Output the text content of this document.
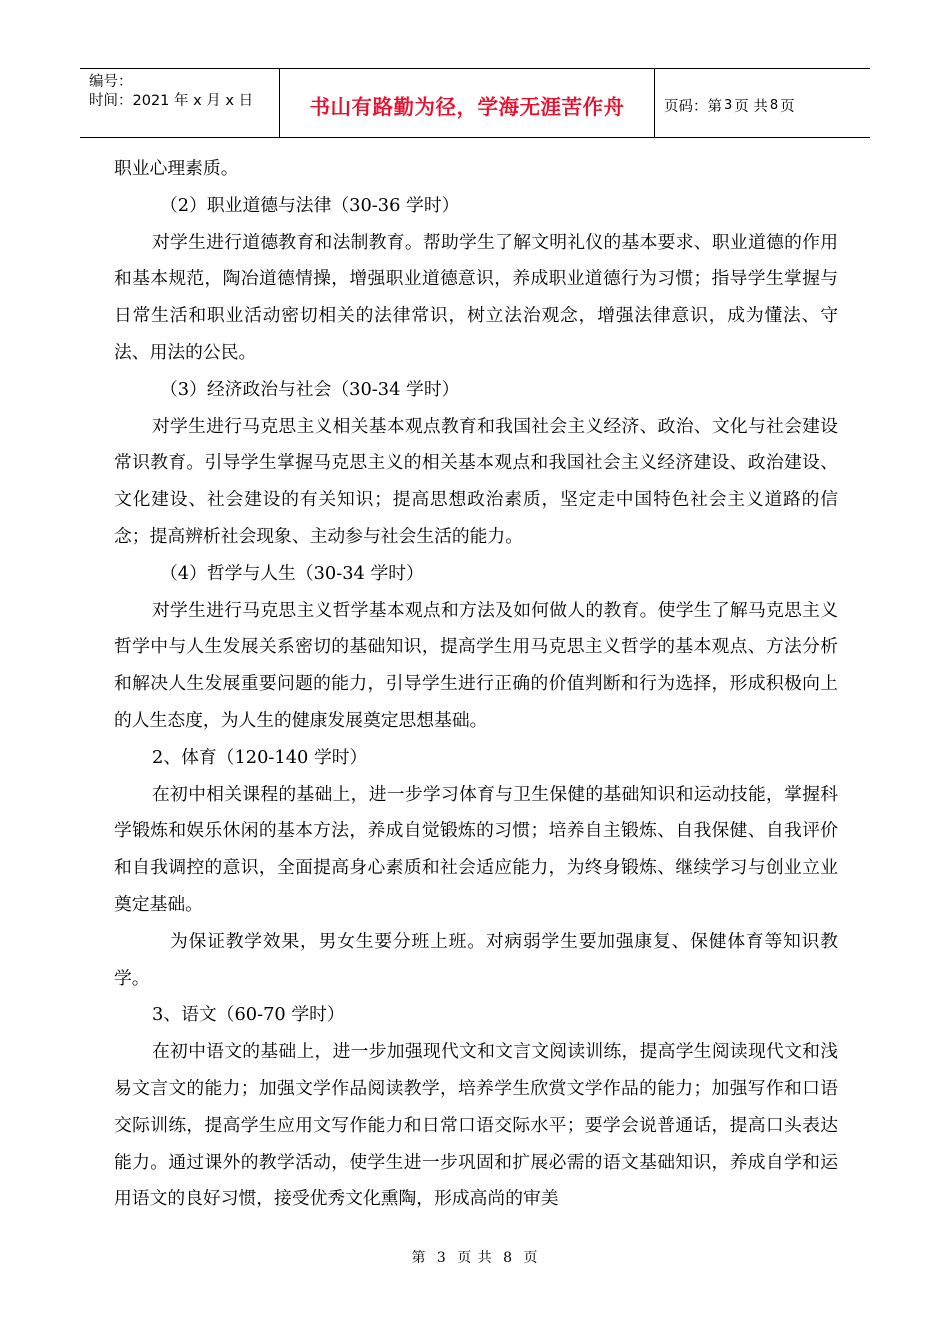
编号：
时间：2021 年 x 月 x 日	书山有路勤为径，学海无涯苦作舟	页码：第 3 页 共 8 页

职业心理素质。

（2）职业道德与法律（30-36 学时）

对学生进行道德教育和法制教育。帮助学生了解文明礼仪的基本要求、职业道德的作用和基本规范，陶冶道德情操，增强职业道德意识，养成职业道德行为习惯；指导学生掌握与日常生活和职业活动密切相关的法律常识，树立法治观念，增强法律意识，成为懂法、守法、用法的公民。

（3）经济政治与社会（30-34 学时）

对学生进行马克思主义相关基本观点教育和我国社会主义经济、政治、文化与社会建设常识教育。引导学生掌握马克思主义的相关基本观点和我国社会主义经济建设、政治建设、文化建设、社会建设的有关知识；提高思想政治素质，坚定走中国特色社会主义道路的信念；提高辨析社会现象、主动参与社会生活的能力。

（4）哲学与人生（30-34 学时）

对学生进行马克思主义哲学基本观点和方法及如何做人的教育。使学生了解马克思主义哲学中与人生发展关系密切的基础知识，提高学生用马克思主义哲学的基本观点、方法分析和解决人生发展重要问题的能力，引导学生进行正确的价值判断和行为选择，形成积极向上的人生态度，为人生的健康发展奠定思想基础。

2、体育（120-140 学时）

在初中相关课程的基础上，进一步学习体育与卫生保健的基础知识和运动技能，掌握科学锻炼和娱乐休闲的基本方法，养成自觉锻炼的习惯；培养自主锻炼、自我保健、自我评价和自我调控的意识，全面提高身心素质和社会适应能力，为终身锻炼、继续学习与创业立业奠定基础。

为保证教学效果，男女生要分班上班。对病弱学生要加强康复、保健体育等知识教学。

3、语文（60-70 学时）

在初中语文的基础上，进一步加强现代文和文言文阅读训练，提高学生阅读现代文和浅易文言文的能力；加强文学作品阅读教学，培养学生欣赏文学作品的能力；加强写作和口语交际训练，提高学生应用文写作能力和日常口语交际水平；要学会说普通话，提高口头表达能力。通过课外的教学活动，使学生进一步巩固和扩展必需的语文基础知识，养成自学和运用语文的良好习惯，接受优秀文化熏陶，形成高尚的审美

第 3 页 共 8 页
